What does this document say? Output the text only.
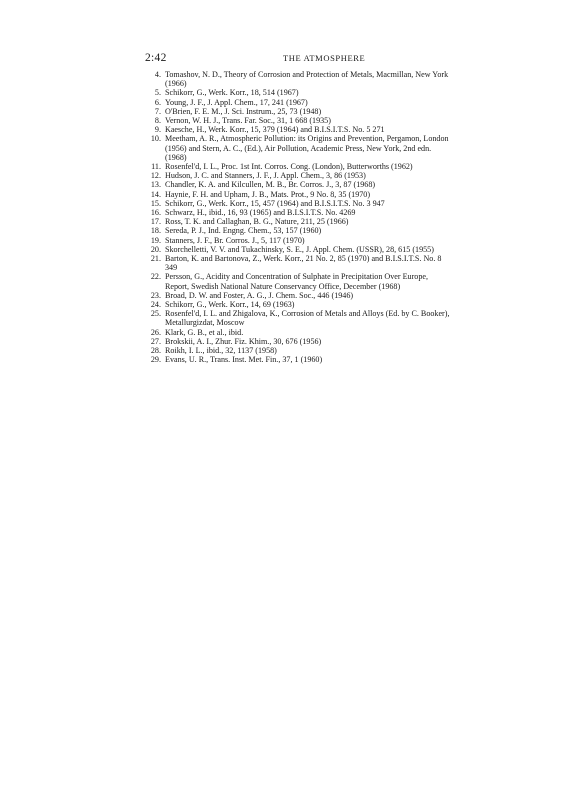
2:42	THE ATMOSPHERE
4. Tomashov, N. D., Theory of Corrosion and Protection of Metals, Macmillan, New York (1966)
5. Schikorr, G., Werk. Korr., 18, 514 (1967)
6. Young, J. F., J. Appl. Chem., 17, 241 (1967)
7. O'Brien, F. E. M., J. Sci. Instrum., 25, 73 (1948)
8. Vernon, W. H. J., Trans. Far. Soc., 31, 1 668 (1935)
9. Kaesche, H., Werk. Korr., 15, 379 (1964) and B.I.S.I.T.S. No. 5 271
10. Meetham, A. R., Atmospheric Pollution: its Origins and Prevention, Pergamon, London (1956) and Stern, A. C., (Ed.), Air Pollution, Academic Press, New York, 2nd edn. (1968)
11. Rosenfel'd, I. L., Proc. 1st Int. Corros. Cong. (London), Butterworths (1962)
12. Hudson, J. C. and Stanners, J. F., J. Appl. Chem., 3, 86 (1953)
13. Chandler, K. A. and Kilcullen, M. B., Br. Corros. J., 3, 87 (1968)
14. Haynie, F. H. and Upham, J. B., Mats. Prot., 9 No. 8, 35 (1970)
15. Schikorr, G., Werk. Korr., 15, 457 (1964) and B.I.S.I.T.S. No. 3 947
16. Schwarz, H., ibid., 16, 93 (1965) and B.I.S.I.T.S. No. 4269
17. Ross, T. K. and Callaghan, B. G., Nature, 211, 25 (1966)
18. Sereda, P. J., Ind. Engng. Chem., 53, 157 (1960)
19. Stanners, J. F., Br. Corros. J., 5, 117 (1970)
20. Skorchelletti, V. V. and Tukachinsky, S. E., J. Appl. Chem. (USSR), 28, 615 (1955)
21. Barton, K. and Bartonova, Z., Werk. Korr., 21 No. 2, 85 (1970) and B.I.S.I.T.S. No. 8 349
22. Persson, G., Acidity and Concentration of Sulphate in Precipitation Over Europe, Report, Swedish National Nature Conservancy Office, December (1968)
23. Broad, D. W. and Foster, A. G., J. Chem. Soc., 446 (1946)
24. Schikorr, G., Werk. Korr., 14, 69 (1963)
25. Rosenfel'd, I. L. and Zhigalova, K., Corrosion of Metals and Alloys (Ed. by C. Booker), Metallurgizdat, Moscow
26. Klark, G. B., et al., ibid.
27. Brokskii, A. I., Zhur. Fiz. Khim., 30, 676 (1956)
28. Roikh, I. L., ibid., 32, 1137 (1958)
29. Evans, U. R., Trans. Inst. Met. Fin., 37, 1 (1960)
